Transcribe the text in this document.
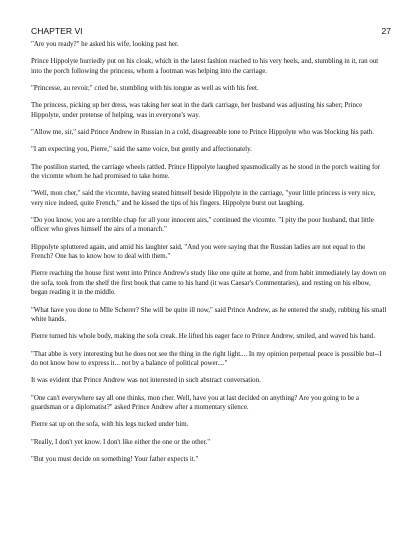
CHAPTER VI	27

"Are you ready?" he asked his wife, looking past her.

Prince Hippolyte hurriedly put on his cloak, which in the latest fashion reached to his very heels, and, stumbling in it, ran out into the porch following the princess, whom a footman was helping into the carriage.

"Princesse, au revoir," cried he, stumbling with his tongue as well as with his feet.

The princess, picking up her dress, was taking her seat in the dark carriage, her husband was adjusting his saber; Prince Hippolyte, under pretense of helping, was in everyone's way.

"Allow me, sir," said Prince Andrew in Russian in a cold, disagreeable tone to Prince Hippolyte who was blocking his path.

"I am expecting you, Pierre," said the same voice, but gently and affectionately.

The postilion started, the carriage wheels rattled. Prince Hippolyte laughed spasmodically as he stood in the porch waiting for the vicomte whom he had promised to take home.

"Well, mon cher," said the vicomte, having seated himself beside Hippolyte in the carriage, "your little princess is very nice, very nice indeed, quite French," and he kissed the tips of his fingers. Hippolyte burst out laughing.

"Do you know, you are a terrible chap for all your innocent airs," continued the vicomte. "I pity the poor husband, that little officer who gives himself the airs of a monarch."

Hippolyte spluttered again, and amid his laughter said, "And you were saying that the Russian ladies are not equal to the French? One has to know how to deal with them."

Pierre reaching the house first went into Prince Andrew's study like one quite at home, and from habit immediately lay down on the sofa, took from the shelf the first book that came to his hand (it was Caesar's Commentaries), and resting on his elbow, began reading it in the middle.

"What have you done to Mlle Scherer? She will be quite ill now," said Prince Andrew, as he entered the study, rubbing his small white hands.

Pierre turned his whole body, making the sofa creak. He lifted his eager face to Prince Andrew, smiled, and waved his hand.

"That abbe is very interesting but he does not see the thing in the right light.... In my opinion perpetual peace is possible but--I do not know how to express it... not by a balance of political power...."

It was evident that Prince Andrew was not interested in such abstract conversation.

"One can't everywhere say all one thinks, mon cher. Well, have you at last decided on anything? Are you going to be a guardsman or a diplomatist?" asked Prince Andrew after a momentary silence.

Pierre sat up on the sofa, with his legs tucked under him.

"Really, I don't yet know. I don't like either the one or the other."

"But you must decide on something! Your father expects it."
